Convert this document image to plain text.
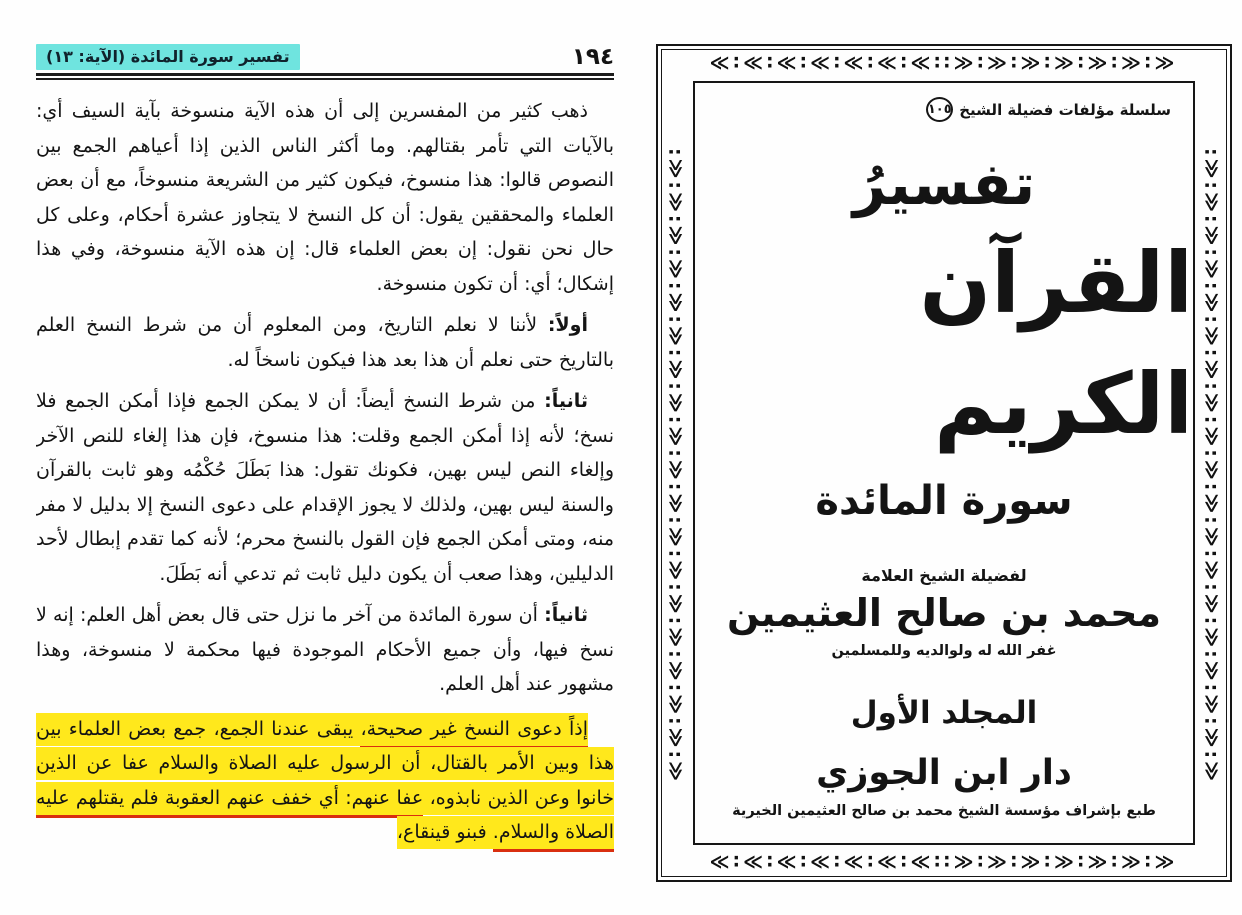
تفسير سورة المائدة (الآية: ١٣)	١٩٤

ذهب كثير من المفسرين إلى أن هذه الآية منسوخة بآية السيف أي: بالآيات التي تأمر بقتالهم. وما أكثر الناس الذين إذا أعياهم الجمع بين النصوص قالوا: هذا منسوخ، فيكون كثير من الشريعة منسوخاً، مع أن بعض العلماء والمحققين يقول: أن كل النسخ لا يتجاوز عشرة أحكام، وعلى كل حال نحن نقول: إن بعض العلماء قال: إن هذه الآية منسوخة، وفي هذا إشكال؛ أي: أن تكون منسوخة.

أولاً: لأننا لا نعلم التاريخ، ومن المعلوم أن من شرط النسخ العلم بالتاريخ حتى نعلم أن هذا بعد هذا فيكون ناسخاً له.

ثانياً: من شرط النسخ أيضاً: أن لا يمكن الجمع فإذا أمكن الجمع فلا نسخ؛ لأنه إذا أمكن الجمع وقلت: هذا منسوخ، فإن هذا إلغاء للنص الآخر وإلغاء النص ليس بهين، فكونك تقول: هذا بَطَلَ حُكْمُه وهو ثابت بالقرآن والسنة ليس بهين، ولذلك لا يجوز الإقدام على دعوى النسخ إلا بدليل لا مفر منه، ومتى أمكن الجمع فإن القول بالنسخ محرم؛ لأنه كما تقدم إبطال لأحد الدليلين، وهذا صعب أن يكون دليل ثابت ثم تدعي أنه بَطَلَ.

ثانياً: أن سورة المائدة من آخر ما نزل حتى قال بعض أهل العلم: إنه لا نسخ فيها، وأن جميع الأحكام الموجودة فيها محكمة لا منسوخة، وهذا مشهور عند أهل العلم.

إذاً دعوى النسخ غير صحيحة، يبقى عندنا الجمع، جمع بعض العلماء بين هذا وبين الأمر بالقتال، أن الرسول عليه الصلاة والسلام عفا عن الذين خانوا وعن الذين نابذوه، عفا عنهم: أي خفف عنهم العقوبة فلم يقتلهم عليه الصلاة والسلام. فبنو قينقاع،

≪∶≪∶≪∶≪∶≪∶≪∶≪∶∶≫∶≫∶≫∶≫∶≫∶≫∶≫
≪∶≪∶≪∶≪∶≪∶≪∶≪∶∶≫∶≫∶≫∶≫∶≫∶≫∶≫
≪∶≪∶≪∶≪∶≪∶≪∶≪∶≪∶≪∶≪∶≪∶≪∶≪∶≪∶≪∶≪∶≪∶≪∶≪∶	≪∶≪∶≪∶≪∶≪∶≪∶≪∶≪∶≪∶≪∶≪∶≪∶≪∶≪∶≪∶≪∶≪∶≪∶≪∶
سلسلة مؤلفات فضيلة الشيخ
١٠٥
تفسيرُ
القرآن الكريم
سورة المائدة
لفضيلة الشيخ العلامة
محمد بن صالح العثيمين
غفر الله له ولوالديه وللمسلمين
المجلد الأول
دار ابن الجوزي
طبع بإشراف مؤسسة الشيخ محمد بن صالح العثيمين الخيرية
